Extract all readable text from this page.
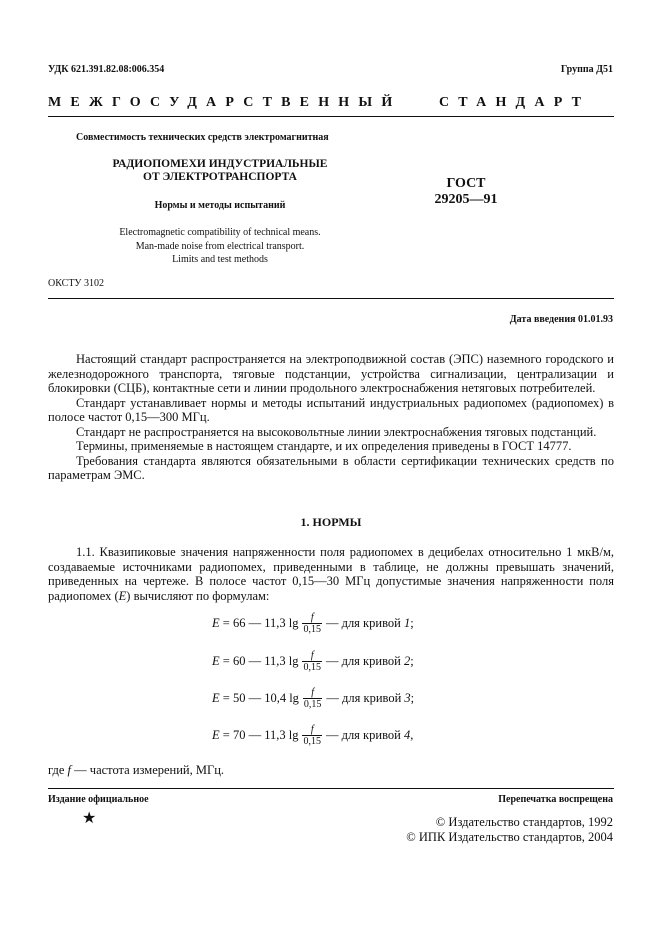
УДК 621.391.82.08:006.354	Группа Д51
МЕЖГОСУДАРСТВЕННЫЙ	СТАНДАРТ
Совместимость технических средств электромагнитная
РАДИОПОМЕХИ ИНДУСТРИАЛЬНЫЕ
ОТ ЭЛЕКТРОТРАНСПОРТА
Нормы и методы испытаний
Electromagnetic compatibility of technical means.
Man-made noise from electrical transport.
Limits and test methods
ГОСТ
29205—91
ОКСТУ 3102
Дата введения 01.01.93

Настоящий стандарт распространяется на электроподвижной состав (ЭПС) наземного городского и железнодорожного транспорта, тяговые подстанции, устройства сигнализации, централизации и блокировки (СЦБ), контактные сети и линии продольного электроснабжения нетяговых потребителей.

Стандарт устанавливает нормы и методы испытаний индустриальных радиопомех (радиопомех) в полосе частот 0,15—300 МГц.

Стандарт не распространяется на высоковольтные линии электроснабжения тяговых подстанций.

Термины, применяемые в настоящем стандарте, и их определения приведены в ГОСТ 14777.

Требования стандарта являются обязательными в области сертификации технических средств по параметрам ЭМС.

1. НОРМЫ

1.1. Квазипиковые значения напряженности поля радиопомех в децибелах относительно 1 мкВ/м, создаваемые источниками радиопомех, приведенными в таблице, не должны превышать значений, приведенных на чертеже. В полосе частот 0,15—30 МГц допустимые значения напряженности поля радиопомех (E) вычисляют по формулам:

E
= 66 — 11,3 $\lg \frac{f}{0,15}$ — для кривой
1 ;
E
= 60 — 11,3 $\lg \frac{f}{0,15}$ — для кривой
2 ;
E
= 50 — 10,4 $\lg \frac{f}{0,15}$ — для кривой
3 ;
E
= 70 — 11,3 $\lg \frac{f}{0,15}$ — для кривой
4 ,
где f — частота измерений, МГц.
Издание официальное	Перепечатка воспрещена
★	© Издательство стандартов, 1992
© ИПК Издательство стандартов, 2004
